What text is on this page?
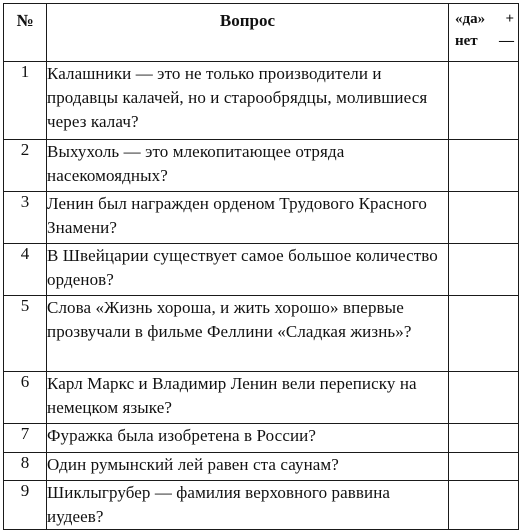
№	Вопрос	«да» +
нет —

1	Калашники — это не только производители и продавцы калачей, но и старообрядцы, молившиеся через калач?	
2	Выхухоль — это млекопитающее отряда насекомоядных?	
3	Ленин был награжден орденом Трудового Красного Знамени?	
4	В Швейцарии существует самое большое количество орденов?	
5	Слова «Жизнь хороша, и жить хорошо» впервые прозвучали в фильме Феллини «Сладкая жизнь»?	
6	Карл Маркс и Владимир Ленин вели переписку на немецком языке?	
7	Фуражка была изобретена в России?	
8	Один румынский лей равен ста саунам?	
9	Шиклыгрубер — фамилия верховного раввина иудеев?	
